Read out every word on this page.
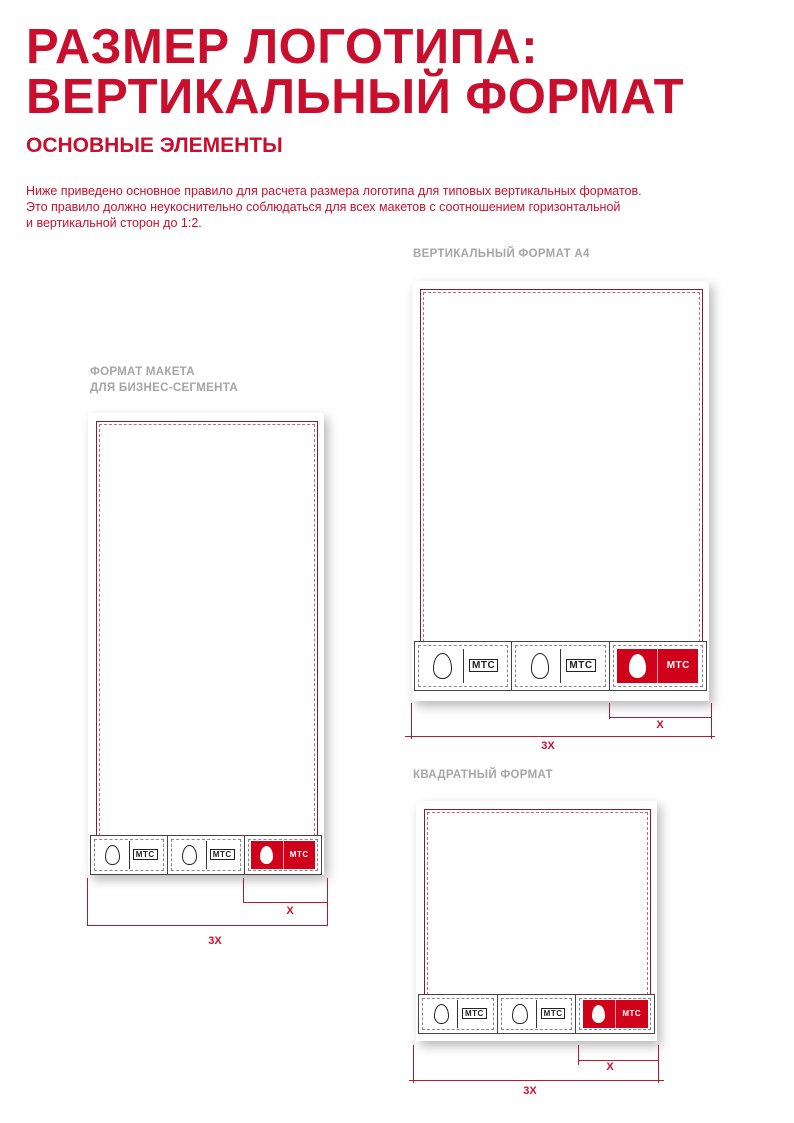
РАЗМЕР ЛОГОТИПА:
ВЕРТИКАЛЬНЫЙ ФОРМАТ
ОСНОВНЫЕ ЭЛЕМЕНТЫ

Ниже приведено основное правило для расчета размера логотипа для типовых вертикальных форматов.
Это правило должно неукоснительно соблюдаться для всех макетов с соотношением горизонтальной
и вертикальной сторон до 1:2.

ФОРМАТ МАКЕТА
ДЛЯ БИЗНЕС-СЕГМЕНТА

МТС	МТС	МТС

X

3X

ВЕРТИКАЛЬНЫЙ ФОРМАТ А4

МТС	МТС	МТС

X

3X

КВАДРАТНЫЙ ФОРМАТ

МТС	МТС	МТС

X

3X
